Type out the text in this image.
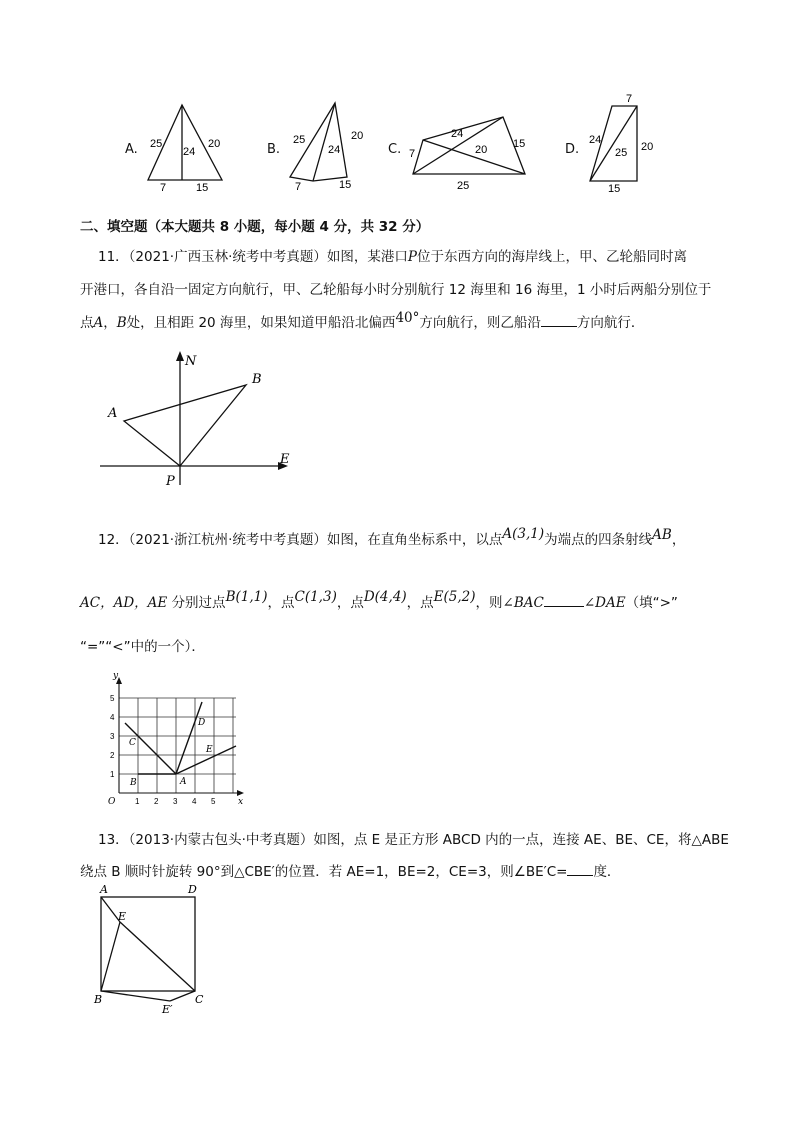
A. 25
24
20
7	15
B.
25
24
20
7	15
C.
24
20 15
7
25
D.
7
24
25 20
15
二、填空题（本大题共 8 小题，每小题 4 分，共 32 分）
11．（2021·广西玉林·统考中考真题）如图，某港口P位于东西方向的海岸线上，甲、乙轮船同时离
开港口，各自沿一固定方向航行，甲、乙轮船每小时分别航行 12 海里和 16 海里，1 小时后两船分别位于
点A，B处，且相距 20 海里，如果知道甲船沿北偏西40°方向航行，则乙船沿	方向航行．
N
E
P
A
B
12．（2021·浙江杭州·统考中考真题）如图，在直角坐标系中，以点A(3,1)为端点的四条射线AB，
AC，AD，AE 分别过点B(1,1)，点C(1,3)，点D(4,4)，点E(5,2)，则∠BAC	∠DAE（填“>”
“=”“<”中的一个）．
y
x
O 1 2 3 4 5
1
2
3
4
5
A
B
C
D
E
13．（2013·内蒙古包头·中考真题）如图，点 E 是正方形 ABCD 内的一点，连接 AE、BE、CE，将△ABE
绕点 B 顺时针旋转 90°到△CBE′的位置．若 AE=1，BE=2，CE=3，则∠BE′C= 度．
A	D
E
B	C
E′
